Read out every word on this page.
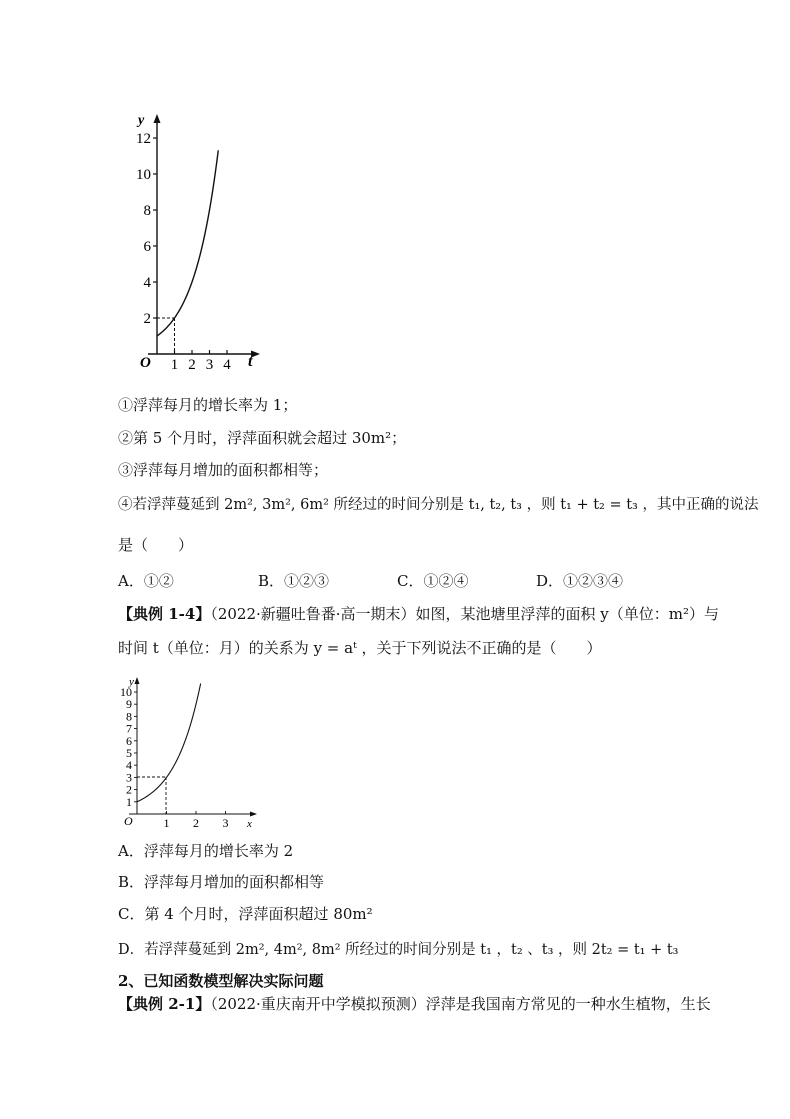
2
4
6
8
10
12
1 2 3 4
y
t
O
①浮萍每月的增长率为 1；
②第 5 个月时，浮萍面积就会超过 30m²；
③浮萍每月增加的面积都相等；
④若浮萍蔓延到 2m², 3m², 6m² 所经过的时间分别是 t₁, t₂, t₃ ，则 t₁ + t₂ = t₃ ，其中正确的说法
是（　　）
A．①②	B．①②③	C．①②④	D．①②③④
【典例 1-4】（2022·新疆吐鲁番·高一期末）如图，某池塘里浮萍的面积 y（单位：m²）与
时间 t（单位：月）的关系为 y = aᵗ ，关于下列说法不正确的是（　　）
1
2
3
4
5
6
7
8
9
10
1 2 3
y
x
O
A．浮萍每月的增长率为 2
B．浮萍每月增加的面积都相等
C．第 4 个月时，浮萍面积超过 80m²
D．若浮萍蔓延到 2m², 4m², 8m² 所经过的时间分别是 t₁ ，t₂ 、t₃ ，则 2t₂ = t₁ + t₃
2、已知函数模型解决实际问题
【典例 2-1】（2022·重庆南开中学模拟预测）浮萍是我国南方常见的一种水生植物，生长
